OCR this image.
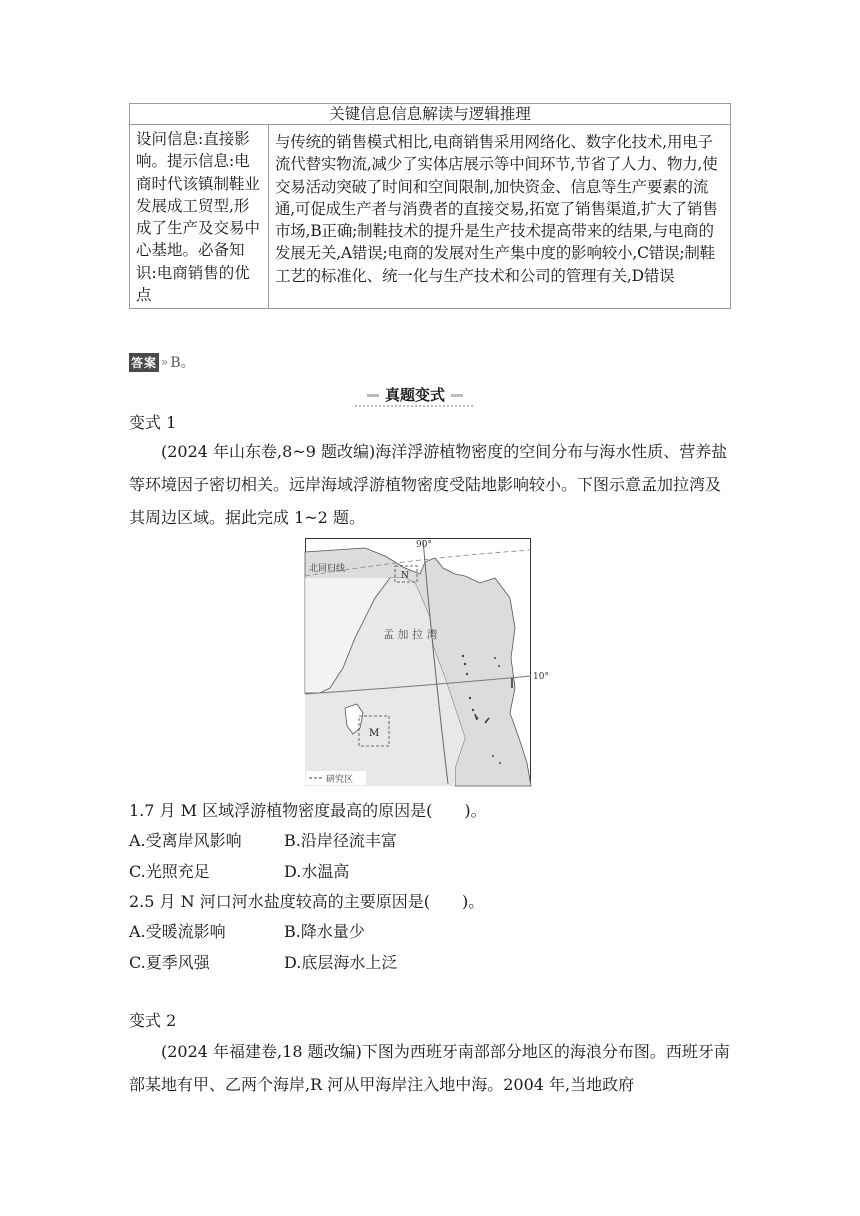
关键信息信息解读与逻辑推理
设问信息:直接影响。提示信息:电商时代该镇制鞋业发展成工贸型,形成了生产及交易中心基地。必备知识:电商销售的优点	与传统的销售模式相比,电商销售采用网络化、数字化技术,用电子流代替实物流,减少了实体店展示等中间环节,节省了人力、物力,使交易活动突破了时间和空间限制,加快资金、信息等生产要素的流通,可促成生产者与消费者的直接交易,拓宽了销售渠道,扩大了销售市场,B正确;制鞋技术的提升是生产技术提高带来的结果,与电商的发展无关,A错误;电商的发展对生产集中度的影响较小,C错误;制鞋工艺的标准化、统一化与生产技术和公司的管理有关,D错误
答案 » B。
真题变式
变式 1

(2024 年山东卷,8~9 题改编)海洋浮游植物密度的空间分布与海水性质、营养盐等环境因子密切相关。远岸海域浮游植物密度受陆地影响较小。下图示意孟加拉湾及其周边区域。据此完成 1~2 题。

研究区
90°
北回归线
10°
孟 加 拉 湾
N
M
1.7 月 M 区域浮游植物密度最高的原因是(　　)。
A.受离岸风影响	B.沿岸径流丰富
C.光照充足	D.水温高
2.5 月 N 河口河水盐度较高的主要原因是(　　)。
A.受暖流影响	B.降水量少
C.夏季风强	D.底层海水上泛
变式 2

(2024 年福建卷,18 题改编)下图为西班牙南部部分地区的海浪分布图。西班牙南部某地有甲、乙两个海岸,R 河从甲海岸注入地中海。2004 年,当地政府
